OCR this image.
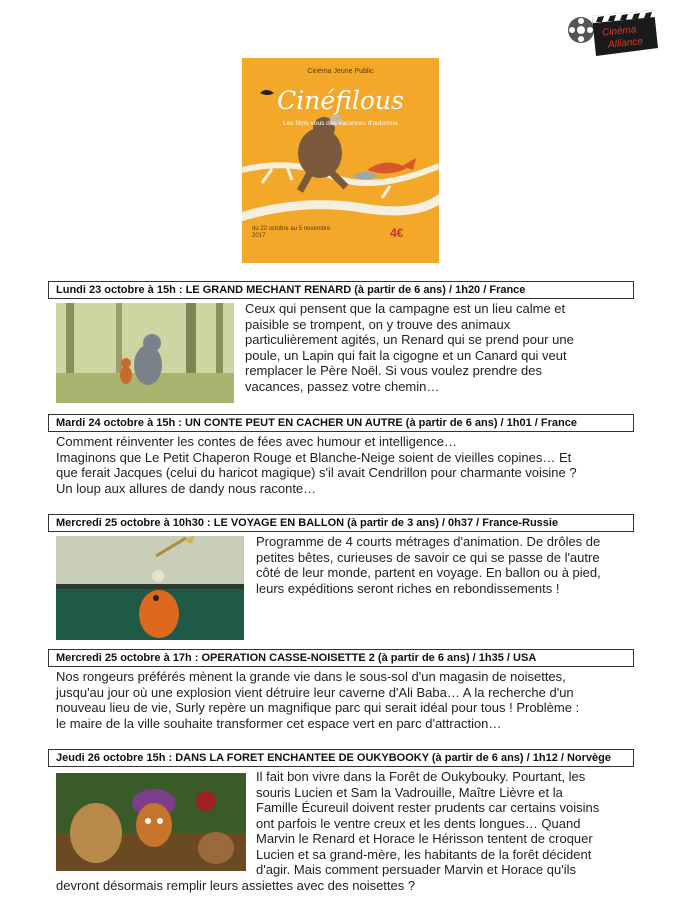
Cinéma
Alliance
Cinéma Jeune Public
Cinéfilous
Les films vous des vacances d'automne
du 22 octobre au 5 novembre 2017	4€
Lundi 23 octobre à 15h : LE GRAND MECHANT RENARD (à partir de 6 ans) / 1h20 / France
Ceux qui pensent que la campagne est un lieu calme et
paisible se trompent, on y trouve des animaux
particulièrement agités, un Renard qui se prend pour une
poule, un Lapin qui fait la cigogne et un Canard qui veut
remplacer le Père Noël. Si vous voulez prendre des
vacances, passez votre chemin…
Mardi 24 octobre à 15h : UN CONTE PEUT EN CACHER UN AUTRE (à partir de 6 ans) / 1h01 / France
Comment réinventer les contes de fées avec humour et intelligence…
Imaginons que Le Petit Chaperon Rouge et Blanche-Neige soient de vieilles copines… Et
que ferait Jacques (celui du haricot magique) s'il avait Cendrillon pour charmante voisine ?
Un loup aux allures de dandy nous raconte…
Mercredi 25 octobre à 10h30 : LE VOYAGE EN BALLON (à partir de 3 ans) / 0h37 / France-Russie
Programme de 4 courts métrages d'animation. De drôles de
petites bêtes, curieuses de savoir ce qui se passe de l'autre
côté de leur monde, partent en voyage. En ballon ou à pied,
leurs expéditions seront riches en rebondissements !
Mercredi 25 octobre à 17h : OPERATION CASSE-NOISETTE 2 (à partir de 6 ans) / 1h35 / USA
Nos rongeurs préférés mènent la grande vie dans le sous-sol d'un magasin de noisettes,
jusqu'au jour où une explosion vient détruire leur caverne d'Ali Baba… A la recherche d'un
nouveau lieu de vie, Surly repère un magnifique parc qui serait idéal pour tous ! Problème :
le maire de la ville souhaite transformer cet espace vert en parc d'attraction…
Jeudi 26 octobre 15h : DANS LA FORET ENCHANTEE DE OUKYBOOKY (à partir de 6 ans) / 1h12 / Norvège
Il fait bon vivre dans la Forêt de Oukybouky. Pourtant, les
souris Lucien et Sam la Vadrouille, Maître Lièvre et la
Famille Écureuil doivent rester prudents car certains voisins
ont parfois le ventre creux et les dents longues… Quand
Marvin le Renard et Horace le Hérisson tentent de croquer
Lucien et sa grand-mère, les habitants de la forêt décident
d'agir. Mais comment persuader Marvin et Horace qu'ils
devront désormais remplir leurs assiettes avec des noisettes ?
